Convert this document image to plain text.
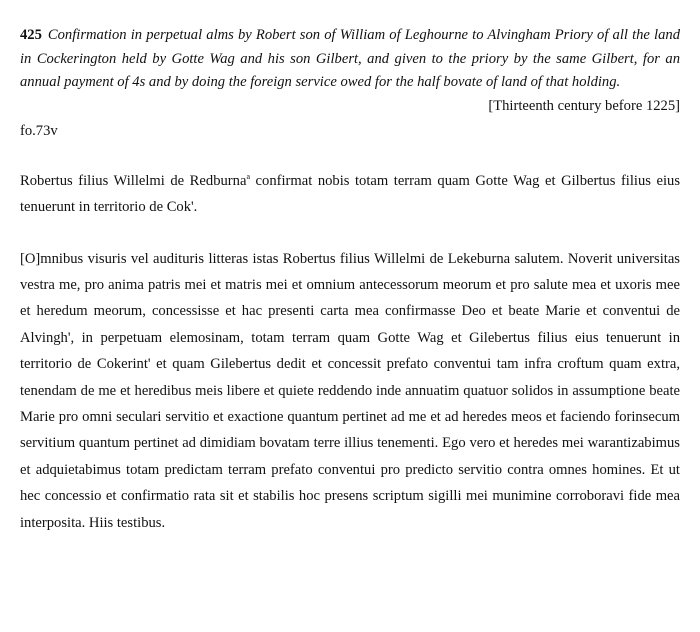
425 Confirmation in perpetual alms by Robert son of William of Leghourne to Alvingham Priory of all the land in Cockerington held by Gotte Wag and his son Gilbert, and given to the priory by the same Gilbert, for an annual payment of 4s and by doing the foreign service owed for the half bovate of land of that holding.

[Thirteenth century before 1225]

fo.73v

Robertus filius Willelmi de Redburna$^a$ confirmat nobis totam terram quam Gotte Wag et Gilbertus filius eius tenuerunt in territorio de Cok'.

[O]mnibus visuris vel audituris litteras istas Robertus filius Willelmi de Lekeburna salutem. Noverit universitas vestra me, pro anima patris mei et matris mei et omnium antecessorum meorum et pro salute mea et uxoris mee et heredum meorum, concessisse et hac presenti carta mea confirmasse Deo et beate Marie et conventui de Alvingh', in perpetuam elemosinam, totam terram quam Gotte Wag et Gilebertus filius eius tenuerunt in territorio de Cokerint' et quam Gilebertus dedit et concessit prefato conventui tam infra croftum quam extra, tenendam de me et heredibus meis libere et quiete reddendo inde annuatim quatuor solidos in assumptione beate Marie pro omni seculari servitio et exactione quantum pertinet ad me et ad heredes meos et faciendo forinsecum servitium quantum pertinet ad dimidiam bovatam terre illius tenementi. Ego vero et heredes mei warantizabimus et adquietabimus totam predictam terram prefato conventui pro predicto servitio contra omnes homines. Et ut hec concessio et confirmatio rata sit et stabilis hoc presens scriptum sigilli mei munimine corroboravi fide mea interposita. Hiis testibus.
